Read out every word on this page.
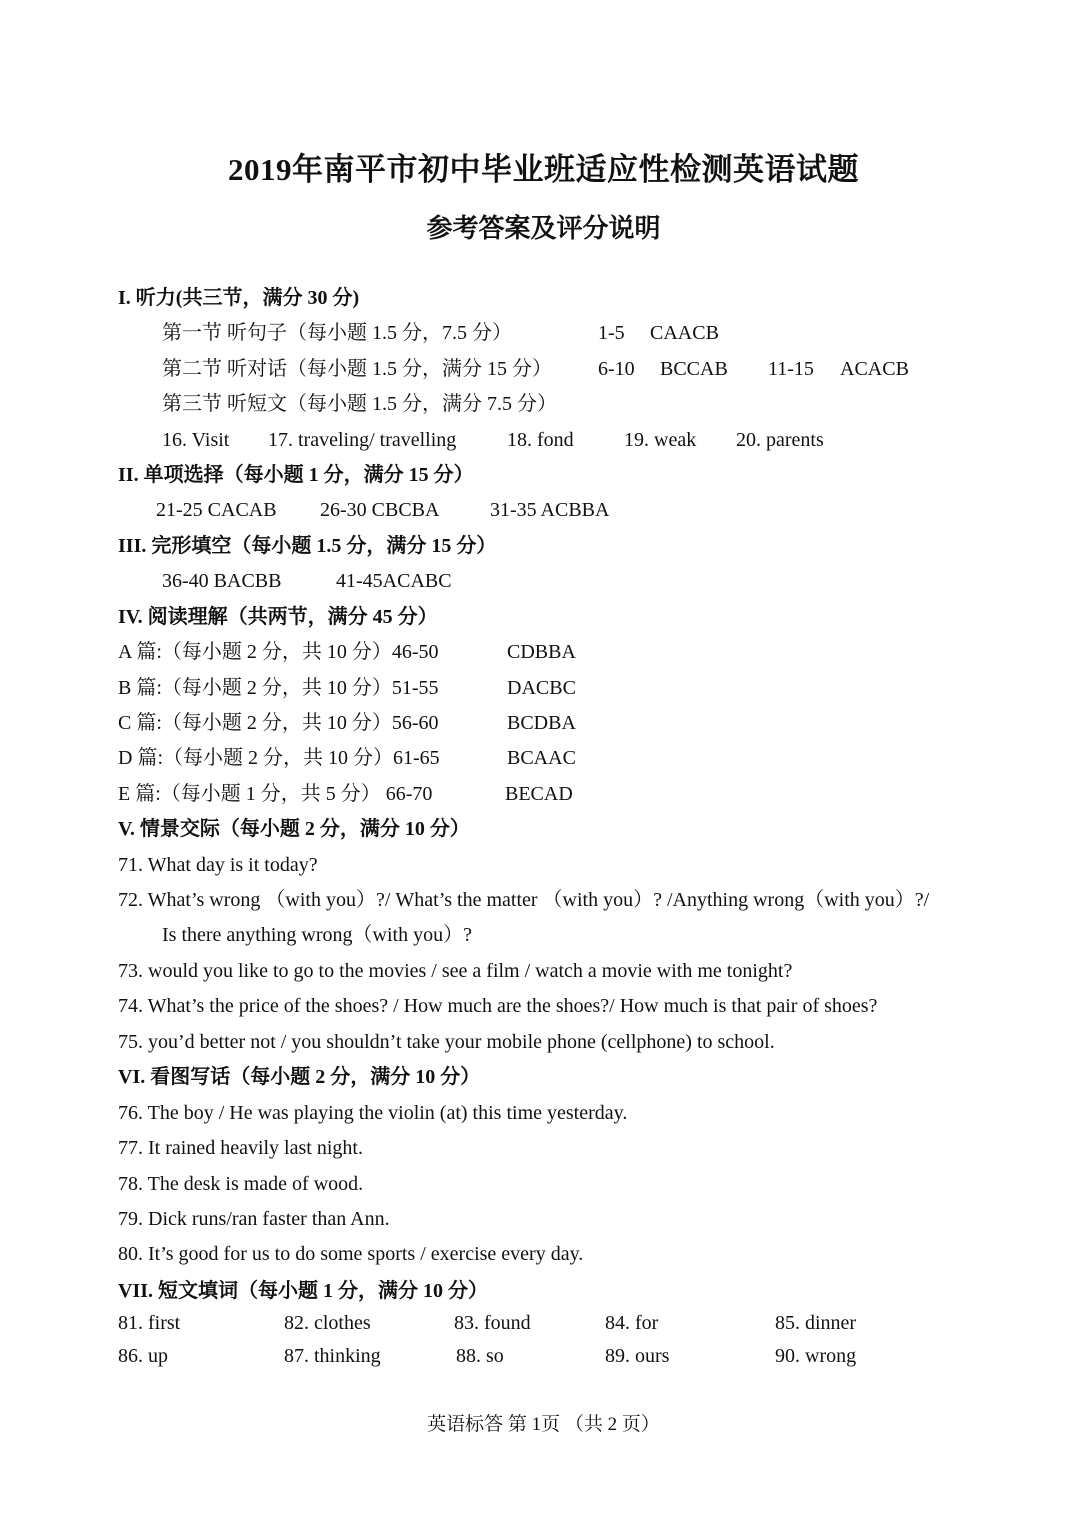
2019年南平市初中毕业班适应性检测英语试题
参考答案及评分说明
I. 听力(共三节，满分 30 分)
第一节 听句子（每小题 1.5 分，7.5 分）	1-5 CAACB
第二节 听对话（每小题 1.5 分，满分 15 分） 6-10 BCCAB 11-15 ACACB
第三节 听短文（每小题 1.5 分，满分 7.5 分）
16. Visit 17. traveling/ travelling	18. fond	19. weak 20. parents
II. 单项选择（每小题 1 分，满分 15 分）
21-25 CACAB 26-30 CBCBA	31-35 ACBBA
III. 完形填空（每小题 1.5 分，满分 15 分）
36-40 BACBB	41-45ACABC
IV. 阅读理解（共两节，满分 45 分）
A 篇:（每小题 2 分，共 10 分）46-50	CDBBA
B 篇:（每小题 2 分，共 10 分）51-55	DACBC
C 篇:（每小题 2 分，共 10 分）56-60	BCDBA
D 篇:（每小题 2 分，共 10 分）61-65	BCAAC
E 篇:（每小题 1 分，共 5 分） 66-70	BECAD
V. 情景交际（每小题 2 分，满分 10 分）
71. What day is it today?
72. What’s wrong （with you）?/ What’s the matter （with you）? /Anything wrong（with you）?/
Is there anything wrong（with you）?
73. would you like to go to the movies / see a film / watch a movie with me tonight?
74. What’s the price of the shoes? / How much are the shoes?/ How much is that pair of shoes?
75. you’d better not / you shouldn’t take your mobile phone (cellphone) to school.
VI. 看图写话（每小题 2 分，满分 10 分）
76. The boy / He was playing the violin (at) this time yesterday.
77. It rained heavily last night.
78. The desk is made of wood.
79. Dick runs/ran faster than Ann.
80. It’s good for us to do some sports / exercise every day.
VII. 短文填词（每小题 1 分，满分 10 分）
81. first	82. clothes	83. found	84. for	85. dinner
86. up	87. thinking	88. so	89. ours	90. wrong
英语标答 第 1页 （共 2 页）
